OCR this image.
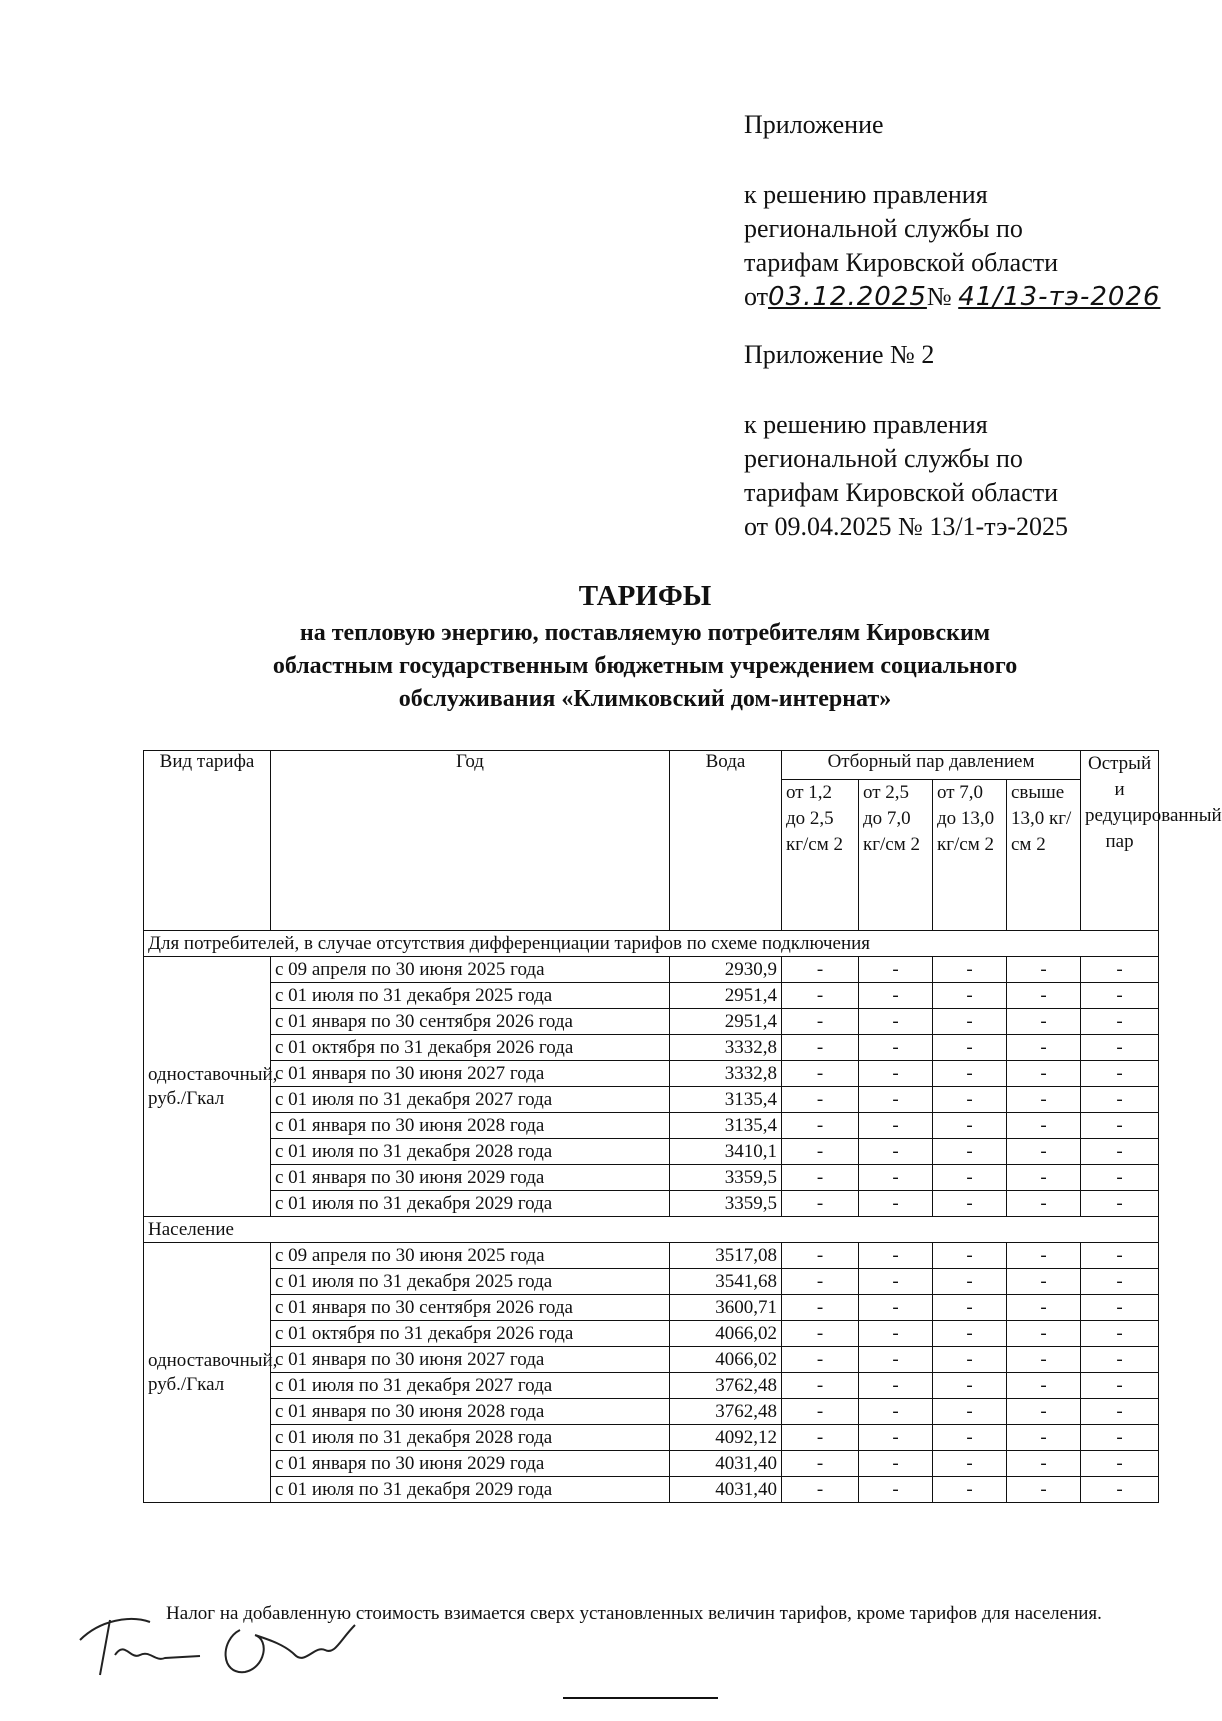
Приложение

к решению правления

региональной службы по

тарифам Кировской области

от03.12.2025№ 41/13-тэ-2026

Приложение № 2

к решению правления

региональной службы по

тарифам Кировской области

от 09.04.2025 № 13/1-тэ-2025

ТАРИФЫ

на тепловую энергию, поставляемую потребителям Кировским

областным государственным бюджетным учреждением социального

обслуживания «Климковский дом-интернат»

Вид тарифа	Год	Вода	Отборный пар давлением				Острый и редуцированный пар
			от 1,2 до 2,5 кг/см 2	от 2,5 до 7,0 кг/см 2	от 7,0 до 13,0 кг/см 2	свыше 13,0 кг/см 2	
Для потребителей, в случае отсутствия дифференциации тарифов по схеме подключения							
одноставочный, руб./Гкал	с 09 апреля по 30 июня 2025 года	2930,9	-	-	-	-	-
	с 01 июля по 31 декабря 2025 года	2951,4	-	-	-	-	-
	с 01 января по 30 сентября 2026 года	2951,4	-	-	-	-	-
	с 01 октября по 31 декабря 2026 года	3332,8	-	-	-	-	-
	с 01 января по 30 июня 2027 года	3332,8	-	-	-	-	-
	с 01 июля по 31 декабря 2027 года	3135,4	-	-	-	-	-
	с 01 января по 30 июня 2028 года	3135,4	-	-	-	-	-
	с 01 июля по 31 декабря 2028 года	3410,1	-	-	-	-	-
	с 01 января по 30 июня 2029 года	3359,5	-	-	-	-	-
	с 01 июля по 31 декабря 2029 года	3359,5	-	-	-	-	-
Население							
одноставочный, руб./Гкал	с 09 апреля по 30 июня 2025 года	3517,08	-	-	-	-	-
	с 01 июля по 31 декабря 2025 года	3541,68	-	-	-	-	-
	с 01 января по 30 сентября 2026 года	3600,71	-	-	-	-	-
	с 01 октября по 31 декабря 2026 года	4066,02	-	-	-	-	-
	с 01 января по 30 июня 2027 года	4066,02	-	-	-	-	-
	с 01 июля по 31 декабря 2027 года	3762,48	-	-	-	-	-
	с 01 января по 30 июня 2028 года	3762,48	-	-	-	-	-
	с 01 июля по 31 декабря 2028 года	4092,12	-	-	-	-	-
	с 01 января по 30 июня 2029 года	4031,40	-	-	-	-	-
	с 01 июля по 31 декабря 2029 года	4031,40	-	-	-	-	-

Налог на добавленную стоимость взимается сверх установленных величин тарифов, кроме тарифов для населения.
